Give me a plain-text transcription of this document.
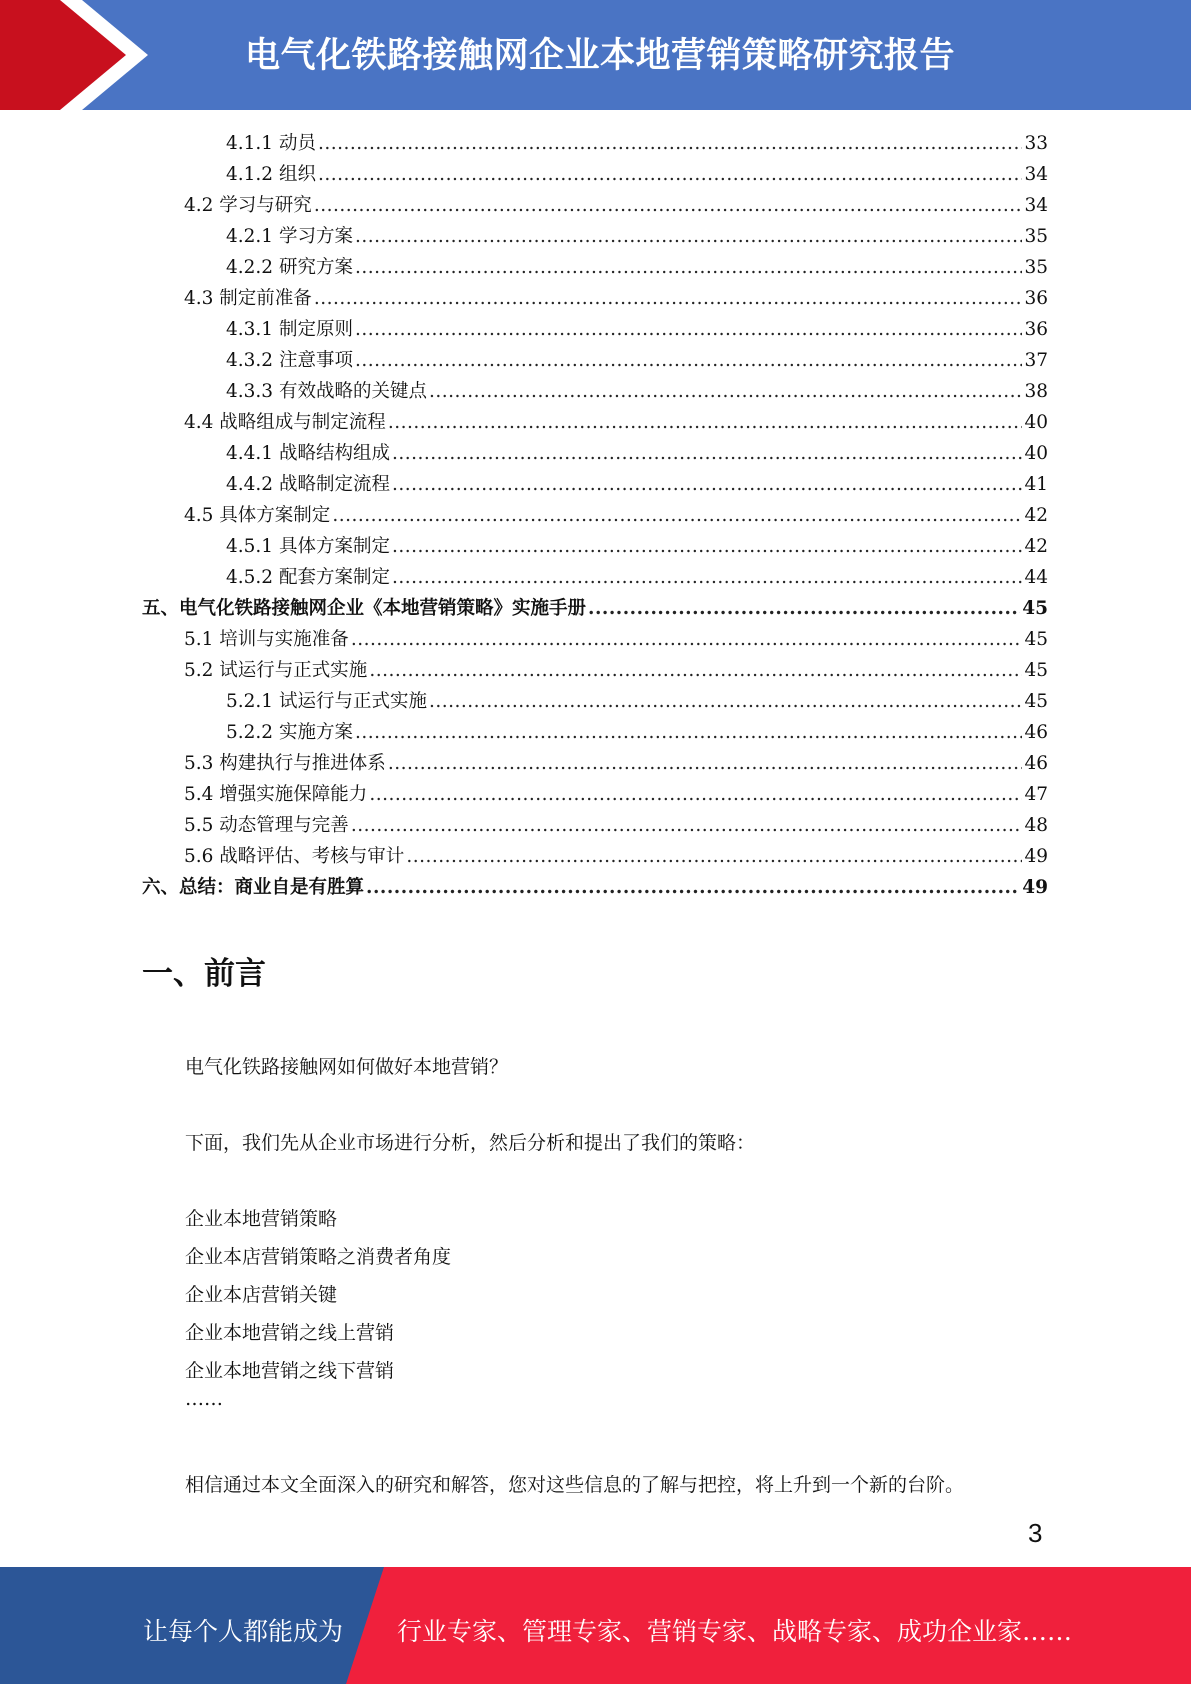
电气化铁路接触网企业本地营销策略研究报告
4.1.1 动员 .....	33
4.1.2 组织 .....	34
4.2 学习与研究 .....	34
4.2.1 学习方案 .....	35
4.2.2 研究方案 .....	35
4.3 制定前准备 .....	36
4.3.1 制定原则 .....	36
4.3.2 注意事项 .....	37
4.3.3 有效战略的关键点 .....	38
4.4 战略组成与制定流程 .....	40
4.4.1 战略结构组成 .....	40
4.4.2 战略制定流程 .....	41
4.5 具体方案制定 .....	42
4.5.1 具体方案制定 .....	42
4.5.2 配套方案制定 .....	44
五、电气化铁路接触网企业《本地营销策略》实施手册 .....	45
5.1 培训与实施准备 .....	45
5.2 试运行与正式实施 .....	45
5.2.1 试运行与正式实施 .....	45
5.2.2 实施方案 .....	46
5.3 构建执行与推进体系 .....	46
5.4 增强实施保障能力 .....	47
5.5 动态管理与完善 .....	48
5.6 战略评估、考核与审计 .....	49
六、总结：商业自是有胜算 .....	49
一、前言
电气化铁路接触网如何做好本地营销？
下面，我们先从企业市场进行分析，然后分析和提出了我们的策略：
企业本地营销策略
企业本店营销策略之消费者角度
企业本店营销关键
企业本地营销之线上营销
企业本地营销之线下营销
……
相信通过本文全面深入的研究和解答，您对这些信息的了解与把控，将上升到一个新的台阶。
3
让每个人都能成为 行业专家、管理专家、营销专家、战略专家、成功企业家……
